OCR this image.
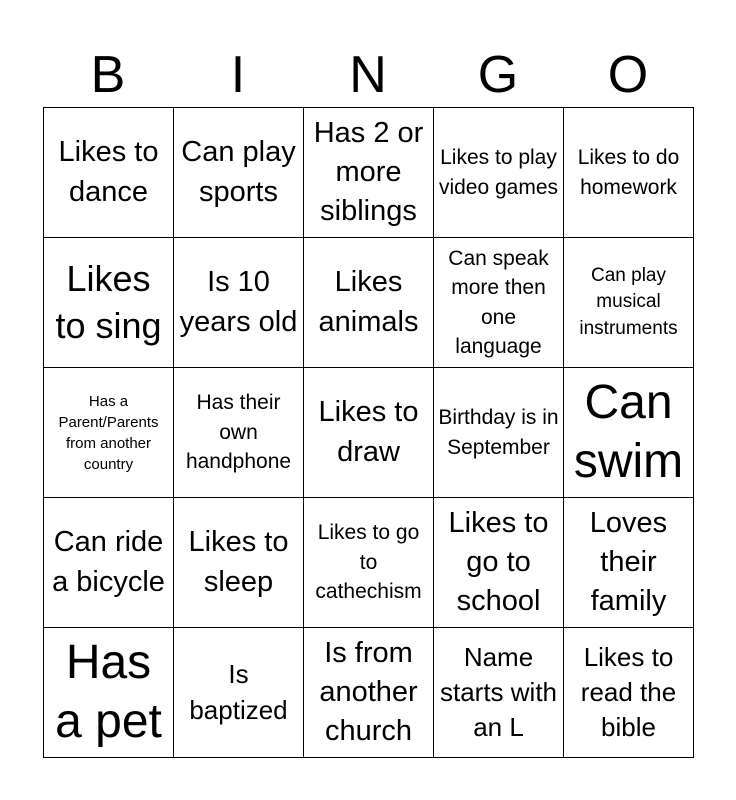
B	I	N	G	O
Likes to dance	Can play sports	Has 2 or more siblings	Likes to play video games	Likes to do homework
Likes to sing	Is 10 years old	Likes animals	Can speak more then one language	Can play musical instruments
Has a Parent/Parents from another country	Has their own handphone	Likes to draw	Birthday is in September	Can swim
Can ride a bicycle	Likes to sleep	Likes to go to cathechism	Likes to go to school	Loves their family
Has a pet	Is baptized	Is from another church	Name starts with an L	Likes to read the bible
